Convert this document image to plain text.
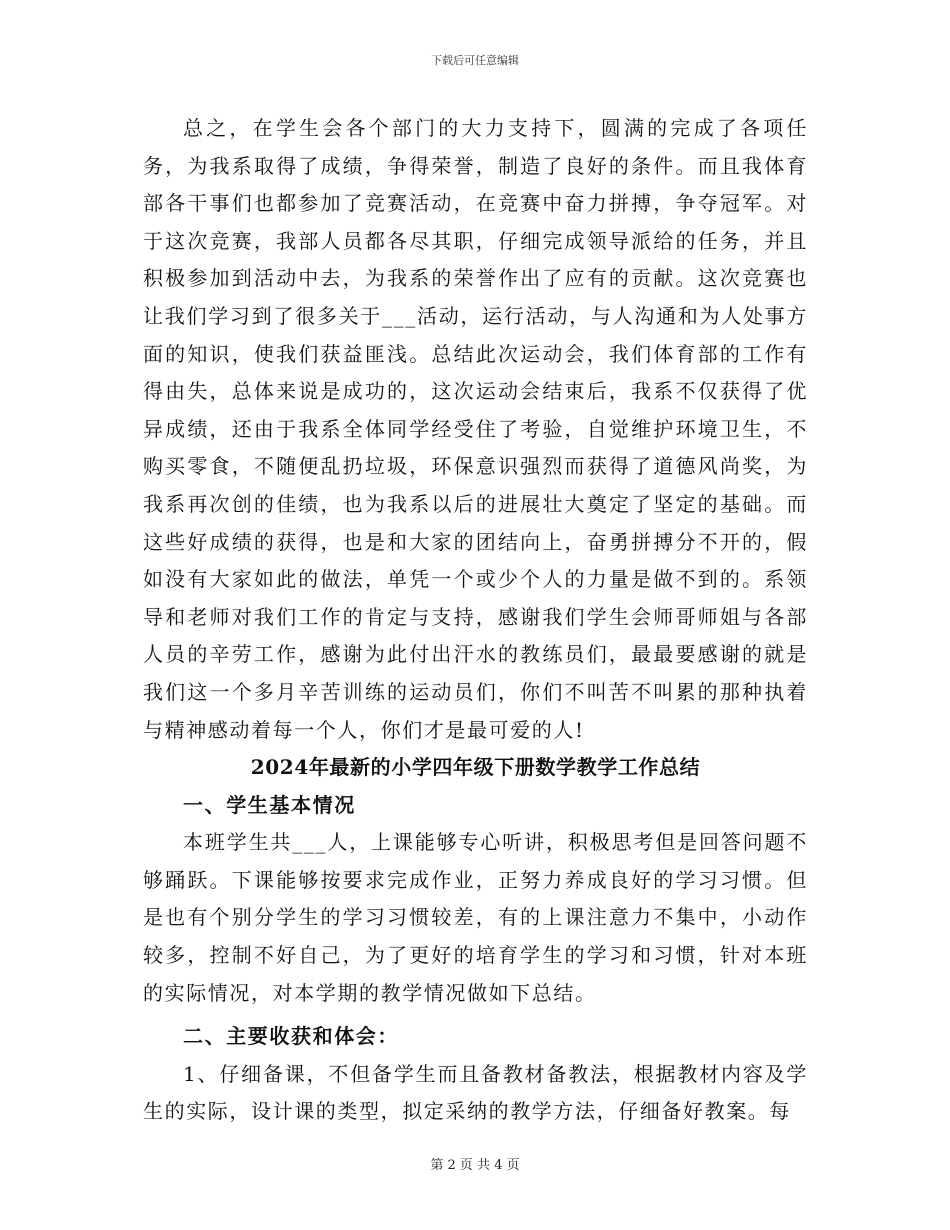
下载后可任意编辑

总之，在学生会各个部门的大力支持下，圆满的完成了各项任务，为我系取得了成绩，争得荣誉，制造了良好的条件。而且我体育部各干事们也都参加了竞赛活动，在竞赛中奋力拼搏，争夺冠军。对于这次竞赛，我部人员都各尽其职，仔细完成领导派给的任务，并且积极参加到活动中去，为我系的荣誉作出了应有的贡献。这次竞赛也让我们学习到了很多关于___活动，运行活动，与人沟通和为人处事方面的知识，使我们获益匪浅。总结此次运动会，我们体育部的工作有得由失，总体来说是成功的，这次运动会结束后，我系不仅获得了优异成绩，还由于我系全体同学经受住了考验，自觉维护环境卫生，不购买零食，不随便乱扔垃圾，环保意识强烈而获得了道德风尚奖，为我系再次创的佳绩，也为我系以后的进展壮大奠定了坚定的基础。而这些好成绩的获得，也是和大家的团结向上，奋勇拼搏分不开的，假如没有大家如此的做法，单凭一个或少个人的力量是做不到的。系领导和老师对我们工作的肯定与支持，感谢我们学生会师哥师姐与各部人员的辛劳工作，感谢为此付出汗水的教练员们，最最要感谢的就是我们这一个多月辛苦训练的运动员们，你们不叫苦不叫累的那种执着与精神感动着每一个人，你们才是最可爱的人!

2024年最新的小学四年级下册数学教学工作总结
一、学生基本情况

本班学生共___人，上课能够专心听讲，积极思考但是回答问题不够踊跃。下课能够按要求完成作业，正努力养成良好的学习习惯。但是也有个别分学生的学习习惯较差，有的上课注意力不集中，小动作较多，控制不好自己，为了更好的培育学生的学习和习惯，针对本班的实际情况，对本学期的教学情况做如下总结。

二、主要收获和体会：

1、仔细备课，不但备学生而且备教材备教法，根据教材内容及学生的实际，设计课的类型，拟定采纳的教学方法，仔细备好教案。每

第 2 页 共 4 页
